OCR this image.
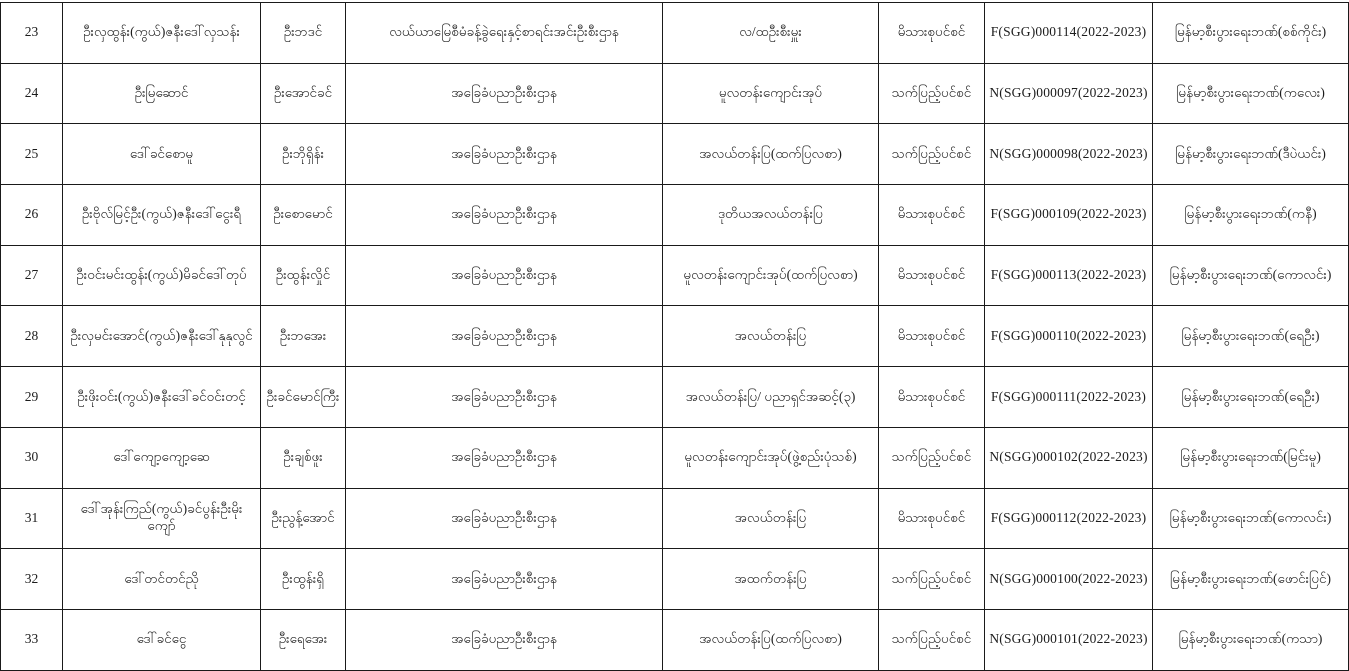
23	ဦးလှထွန်း(ကွယ်)ဇနီးဒေါ်လှသန်း	ဦးဘဒင်	လယ်ယာမြေစီမံခန့်ခွဲရေးနှင့်စာရင်းအင်းဦးစီးဌာန	လ/ထဦးစီးမှူး	မိသားစုပင်စင်	F(SGG)000114(2022-2023)	မြန်မာ့စီးပွားရေးဘဏ်(စစ်ကိုင်း)
24	ဦးမြဆောင်	ဦးအောင်ခင်	အခြေခံပညာဦးစီးဌာန	မူလတန်းကျောင်းအုပ်	သက်ပြည့်ပင်စင်	N(SGG)000097(2022-2023)	မြန်မာ့စီးပွားရေးဘဏ်(ကလေး)
25	ဒေါ်ခင်စောမူ	ဦးဘိုရှိန်း	အခြေခံပညာဦးစီးဌာန	အလယ်တန်းပြ(ထက်ပြလစာ)	သက်ပြည့်ပင်စင်	N(SGG)000098(2022-2023)	မြန်မာ့စီးပွားရေးဘဏ်(ဒီပဲယင်း)
26	ဦးဗိုလ်မြင့်ဦး(ကွယ်)ဇနီးဒေါ်ငွေးရီ	ဦးစောမောင်	အခြေခံပညာဦးစီးဌာန	ဒုတိယအလယ်တန်းပြ	မိသားစုပင်စင်	F(SGG)000109(2022-2023)	မြန်မာ့စီးပွားရေးဘဏ်(ကနီ)
27	ဦးဝင်းမင်းထွန်း(ကွယ်)မိခင်ဒေါ်တုပ်	ဦးထွန်းလှိုင်	အခြေခံပညာဦးစီးဌာန	မူလတန်းကျောင်းအုပ်(ထက်ပြလစာ)	မိသားစုပင်စင်	F(SGG)000113(2022-2023)	မြန်မာ့စီးပွားရေးဘဏ်(ကောလင်း)
28	ဦးလှမင်းအောင်(ကွယ်)ဇနီးဒေါ်နုနုလွင်	ဦးဘအေး	အခြေခံပညာဦးစီးဌာန	အလယ်တန်းပြ	မိသားစုပင်စင်	F(SGG)000110(2022-2023)	မြန်မာ့စီးပွားရေးဘဏ်(ရေဦး)
29	ဦးဖိုးဝင်း(ကွယ်)ဇနီးဒေါ်ခင်ဝင်းတင့်	ဦးခင်မောင်ကြီး	အခြေခံပညာဦးစီးဌာန	အလယ်တန်းပြ/ ပညာရှင်အဆင့်(၃)	မိသားစုပင်စင်	F(SGG)000111(2022-2023)	မြန်မာ့စီးပွားရေးဘဏ်(ရေဦး)
30	ဒေါ်ကျော့ကျော့ဆေ	ဦးချစ်ဖူး	အခြေခံပညာဦးစီးဌာန	မူလတန်းကျောင်းအုပ်(ဖွဲ့စည်းပုံသစ်)	သက်ပြည့်ပင်စင်	N(SGG)000102(2022-2023)	မြန်မာ့စီးပွားရေးဘဏ်(မြင်းမူ)
31	ဒေါ်အုန်းကြည်(ကွယ်)ခင်ပွန်းဦးမိုးကျော်	ဦးညွန့်အောင်	အခြေခံပညာဦးစီးဌာန	အလယ်တန်းပြ	မိသားစုပင်စင်	F(SGG)000112(2022-2023)	မြန်မာ့စီးပွားရေးဘဏ်(ကောလင်း)
32	ဒေါ်တင်တင်ညို	ဦးထွန်းရှိ	အခြေခံပညာဦးစီးဌာန	အထက်တန်းပြ	သက်ပြည့်ပင်စင်	N(SGG)000100(2022-2023)	မြန်မာ့စီးပွားရေးဘဏ်(ဖောင်းပြင်)
33	ဒေါ်ခင်ငွေ	ဦးရေအေး	အခြေခံပညာဦးစီးဌာန	အလယ်တန်းပြ(ထက်ပြလစာ)	သက်ပြည့်ပင်စင်	N(SGG)000101(2022-2023)	မြန်မာ့စီးပွားရေးဘဏ်(ကသာ)
